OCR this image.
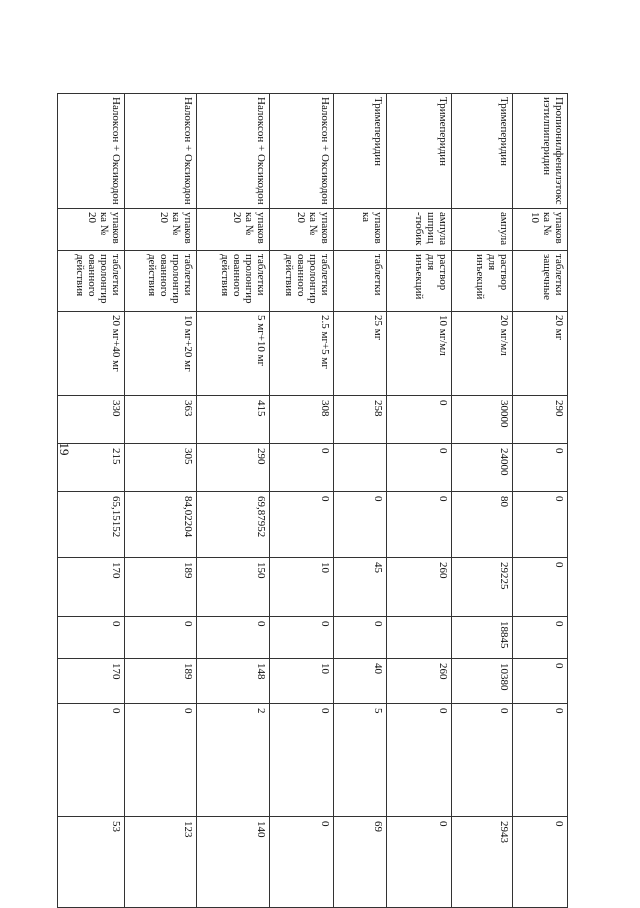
19
Пропионилфенилэтоксиэтилпиперидин	упаковка № 10	таблетки защечные	20 мг	290	0	0	0	0	0	0	0
Тримеперидин	ампула	раствор для инъекций	20 мг/мл	30000	24000	80	29225	18845	10380	0	2943
Тримеперидин	ампула шприц-тюбик	раствор для инъекций	10 мг/мл	0	0	0	260		260	0	0
Тримеперидин	упаковка	таблетки	25 мг	258		0	45	0	40	5	69
Налоксон + Оксикодон	упаковка № 20	таблетки пролонгированного действия	2.5 мг+5 мг	308	0	0	10	0	10	0	0
Налоксон + Оксикодон	упаковка № 20	таблетки пролонгированного действия	5 мг+10 мг	415	290	69,87952	150	0	148	2	140
Налоксон + Оксикодон	упаковка № 20	таблетки пролонгированного действия	10 мг+20 мг	363	305	84,02204	189	0	189	0	123
Налоксон + Оксикодон	упаковка № 20	таблетки пролонгированного действия	20 мг+40 мг	330	215	65,15152	170	0	170	0	53
